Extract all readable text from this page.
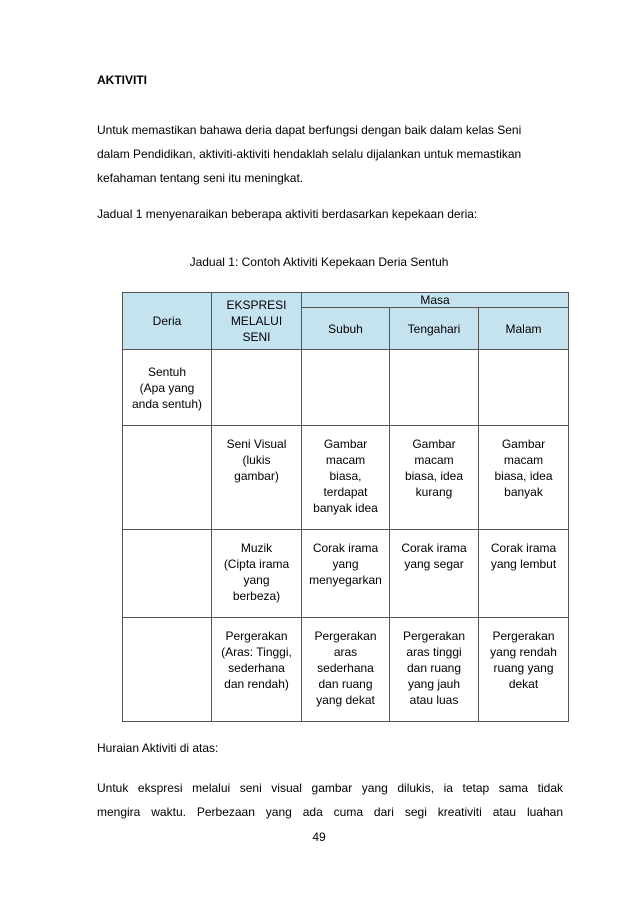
AKTIVITI

Untuk memastikan bahawa deria dapat berfungsi dengan baik dalam kelas Seni
dalam Pendidikan, aktiviti-aktiviti hendaklah selalu dijalankan untuk memastikan
kefahaman tentang seni itu meningkat.

Jadual 1 menyenaraikan beberapa aktiviti berdasarkan kepekaan deria:

Jadual 1: Contoh Aktiviti Kepekaan Deria Sentuh
Deria	EKSPRESI
MELALUI
SENI	Masa		
		Subuh	Tengahari	Malam

Sentuh
(Apa yang
anda sentuh)				

	Seni Visual
(lukis
gambar)	Gambar
macam
biasa,
terdapat
banyak idea	Gambar
macam
biasa, idea
kurang	Gambar
macam
biasa, idea
banyak

	Muzik
(Cipta irama
yang
berbeza)	Corak irama
yang
menyegarkan	Corak irama
yang segar	Corak irama
yang lembut

	Pergerakan
(Aras: Tinggi,
sederhana
dan rendah)	Pergerakan
aras
sederhana
dan ruang
yang dekat	Pergerakan
aras tinggi
dan ruang
yang jauh
atau luas	Pergerakan
yang rendah
ruang yang
dekat
Huraian Aktiviti di atas:
Untuk ekspresi melalui seni visual gambar yang dilukis, ia tetap sama tidak
mengira waktu. Perbezaan yang ada cuma dari segi kreativiti atau luahan
49
